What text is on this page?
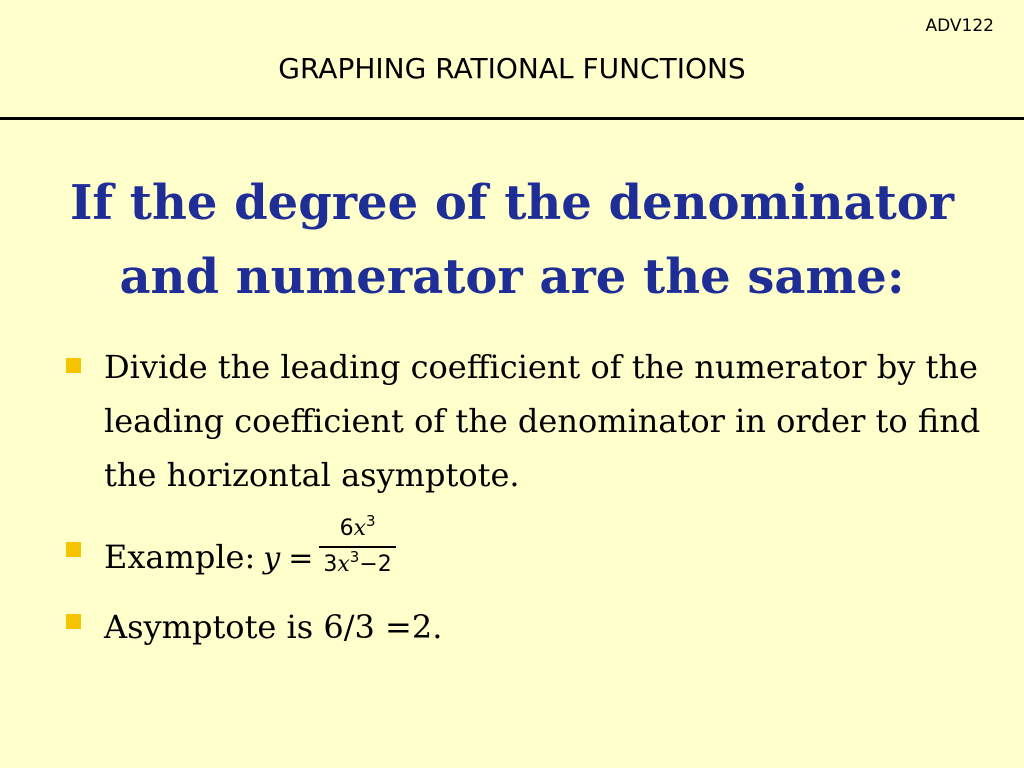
ADV122
GRAPHING RATIONAL FUNCTIONS
If the degree of the denominator
and numerator are the same:
Divide the leading coefficient of the numerator by the leading coefficient of the denominator in order to find the horizontal asymptote.
Example: $y = \frac{6x^3}{3x^3-2}$
Asymptote is 6/3 =2.
